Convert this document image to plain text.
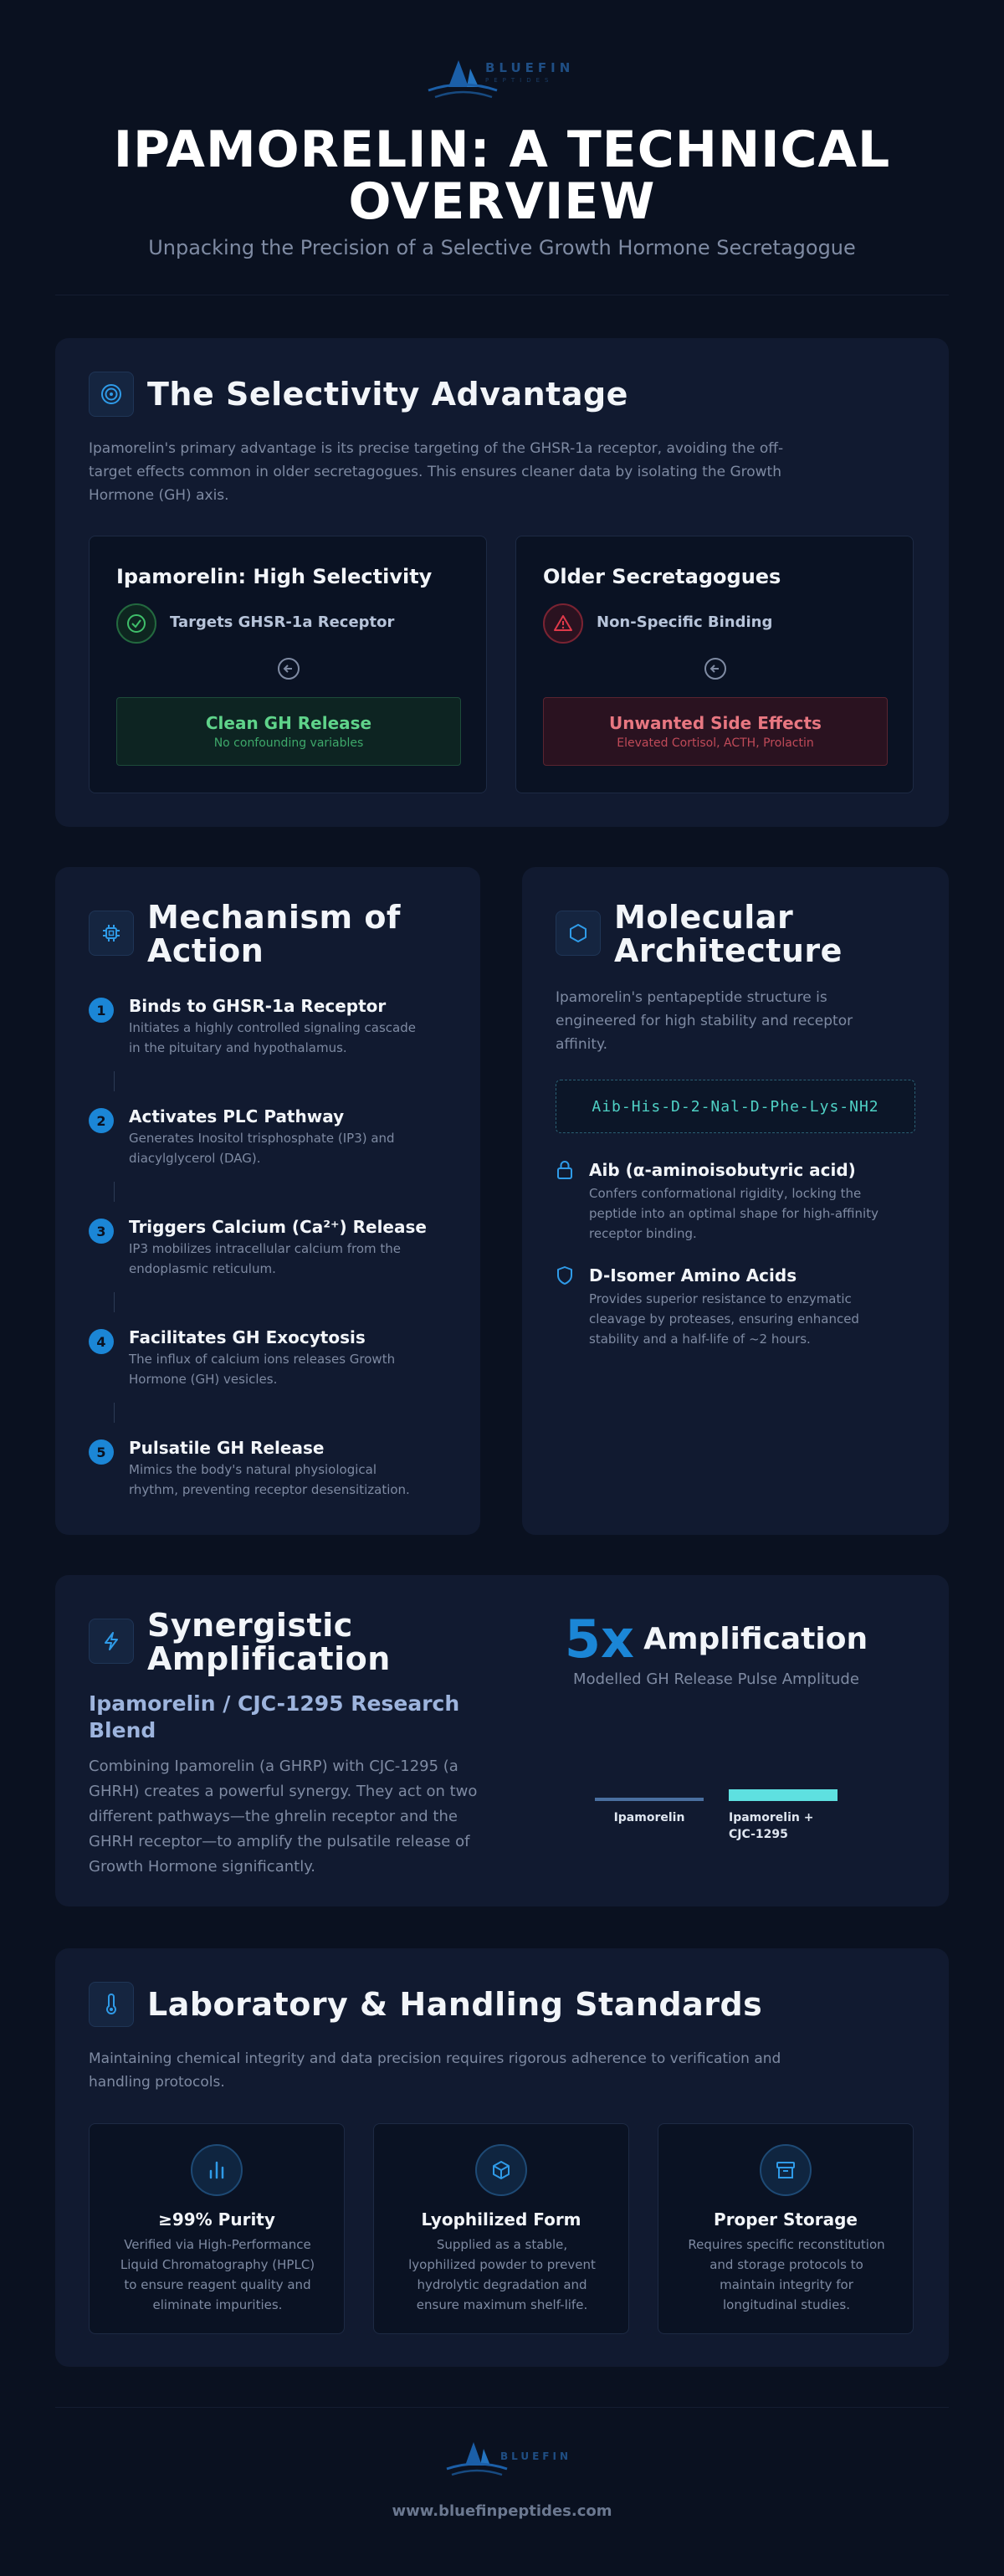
BLUEFIN
PEPTIDES
IPAMORELIN: A TECHNICAL
OVERVIEW
Unpacking the Precision of a Selective Growth Hormone Secretagogue
The Selectivity Advantage
Ipamorelin's primary advantage is its precise targeting of the GHSR-1a receptor, avoiding the off-
target effects common in older secretagogues. This ensures cleaner data by isolating the Growth
Hormone (GH) axis.
Ipamorelin: High Selectivity
Targets GHSR-1a Receptor
Clean GH Release
No confounding variables
Older Secretagogues
Non-Specific Binding
Unwanted Side Effects
Elevated Cortisol, ACTH, Prolactin
Mechanism of
Action
1	Binds to GHSR-1a Receptor
Initiates a highly controlled signaling cascade
in the pituitary and hypothalamus.
2	Activates PLC Pathway
Generates Inositol trisphosphate (IP3) and
diacylglycerol (DAG).
3	Triggers Calcium (Ca²⁺) Release
IP3 mobilizes intracellular calcium from the
endoplasmic reticulum.
4	Facilitates GH Exocytosis
The influx of calcium ions releases Growth
Hormone (GH) vesicles.
5	Pulsatile GH Release
Mimics the body's natural physiological
rhythm, preventing receptor desensitization.
Molecular
Architecture
Ipamorelin's pentapeptide structure is
engineered for high stability and receptor
affinity.
Aib-His-D-2-Nal-D-Phe-Lys-NH2
Aib (α-aminoisobutyric acid)
Confers conformational rigidity, locking the
peptide into an optimal shape for high-affinity
receptor binding.
D-Isomer Amino Acids
Provides superior resistance to enzymatic
cleavage by proteases, ensuring enhanced
stability and a half-life of ~2 hours.
Synergistic
Amplification
Ipamorelin / CJC-1295 Research
Blend
Combining Ipamorelin (a GHRP) with CJC-1295 (a
GHRH) creates a powerful synergy. They act on two
different pathways—the ghrelin receptor and the
GHRH receptor—to amplify the pulsatile release of
Growth Hormone significantly.
5x Amplification
Modelled GH Release Pulse Amplitude
Ipamorelin	Ipamorelin +
CJC-1295
Laboratory & Handling Standards
Maintaining chemical integrity and data precision requires rigorous adherence to verification and
handling protocols.
≥99% Purity
Verified via High-Performance
Liquid Chromatography (HPLC)
to ensure reagent quality and
eliminate impurities.
Lyophilized Form
Supplied as a stable,
lyophilized powder to prevent
hydrolytic degradation and
ensure maximum shelf-life.
Proper Storage
Requires specific reconstitution
and storage protocols to
maintain integrity for
longitudinal studies.
BLUEFIN
www.bluefinpeptides.com
